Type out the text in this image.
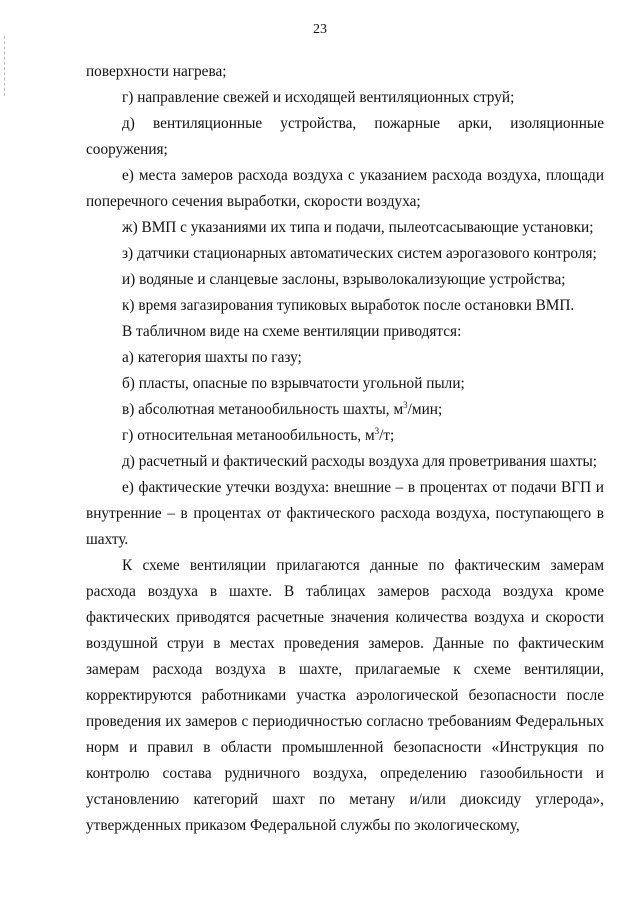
23

поверхности нагрева;

г) направление свежей и исходящей вентиляционных струй;

д) вентиляционные устройства, пожарные арки, изоляционные сооружения;

е) места замеров расхода воздуха с указанием расхода воздуха, площади поперечного сечения выработки, скорости воздуха;

ж) ВМП с указаниями их типа и подачи, пылеотсасывающие установки;

з) датчики стационарных автоматических систем аэрогазового контроля;

и) водяные и сланцевые заслоны, взрыволокализующие устройства;

к) время загазирования тупиковых выработок после остановки ВМП.

В табличном виде на схеме вентиляции приводятся:

а) категория шахты по газу;

б) пласты, опасные по взрывчатости угольной пыли;

в) абсолютная метанообильность шахты, $м^3$/мин;

г) относительная метанообильность, $м^3/т$;

д) расчетный и фактический расходы воздуха для проветривания шахты;

е) фактические утечки воздуха: внешние – в процентах от подачи ВГП и внутренние – в процентах от фактического расхода воздуха, поступающего в шахту.

К схеме вентиляции прилагаются данные по фактическим замерам расхода воздуха в шахте. В таблицах замеров расхода воздуха кроме фактических приводятся расчетные значения количества воздуха и скорости воздушной струи в местах проведения замеров. Данные по фактическим замерам расхода воздуха в шахте, прилагаемые к схеме вентиляции, корректируются работниками участка аэрологической безопасности после проведения их замеров с периодичностью согласно требованиям Федеральных норм и правил в области промышленной безопасности «Инструкция по контролю состава рудничного воздуха, определению газообильности и установлению категорий шахт по метану и/или диоксиду углерода», утвержденных приказом Федеральной службы по экологическому,
